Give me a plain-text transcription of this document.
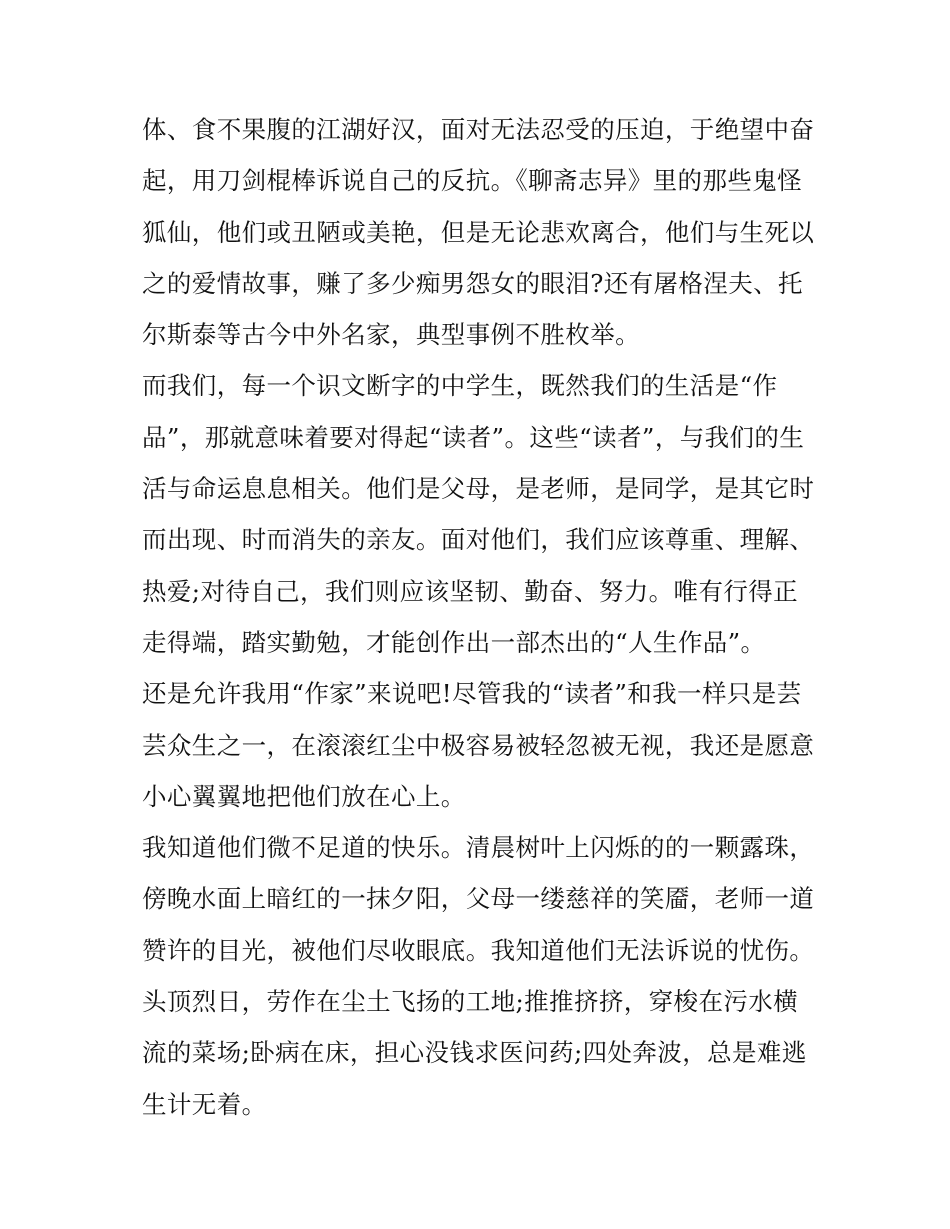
体、食不果腹的江湖好汉，面对无法忍受的压迫，于绝望中奋
起，用刀剑棍棒诉说自己的反抗。《聊斋志异》里的那些鬼怪
狐仙，他们或丑陋或美艳，但是无论悲欢离合，他们与生死以
之的爱情故事，赚了多少痴男怨女的眼泪?还有屠格涅夫、托
尔斯泰等古今中外名家，典型事例不胜枚举。
而我们，每一个识文断字的中学生，既然我们的生活是“作
品”，那就意味着要对得起“读者”。这些“读者”，与我们的生
活与命运息息相关。他们是父母，是老师，是同学，是其它时
而出现、时而消失的亲友。面对他们，我们应该尊重、理解、
热爱;对待自己，我们则应该坚韧、勤奋、努力。唯有行得正
走得端，踏实勤勉，才能创作出一部杰出的“人生作品”。
还是允许我用“作家”来说吧!尽管我的“读者”和我一样只是芸
芸众生之一，在滚滚红尘中极容易被轻忽被无视，我还是愿意
小心翼翼地把他们放在心上。
我知道他们微不足道的快乐。清晨树叶上闪烁的的一颗露珠，
傍晚水面上暗红的一抹夕阳，父母一缕慈祥的笑靥，老师一道
赞许的目光，被他们尽收眼底。我知道他们无法诉说的忧伤。
头顶烈日，劳作在尘土飞扬的工地;推推挤挤，穿梭在污水横
流的菜场;卧病在床，担心没钱求医问药;四处奔波，总是难逃
生计无着。
